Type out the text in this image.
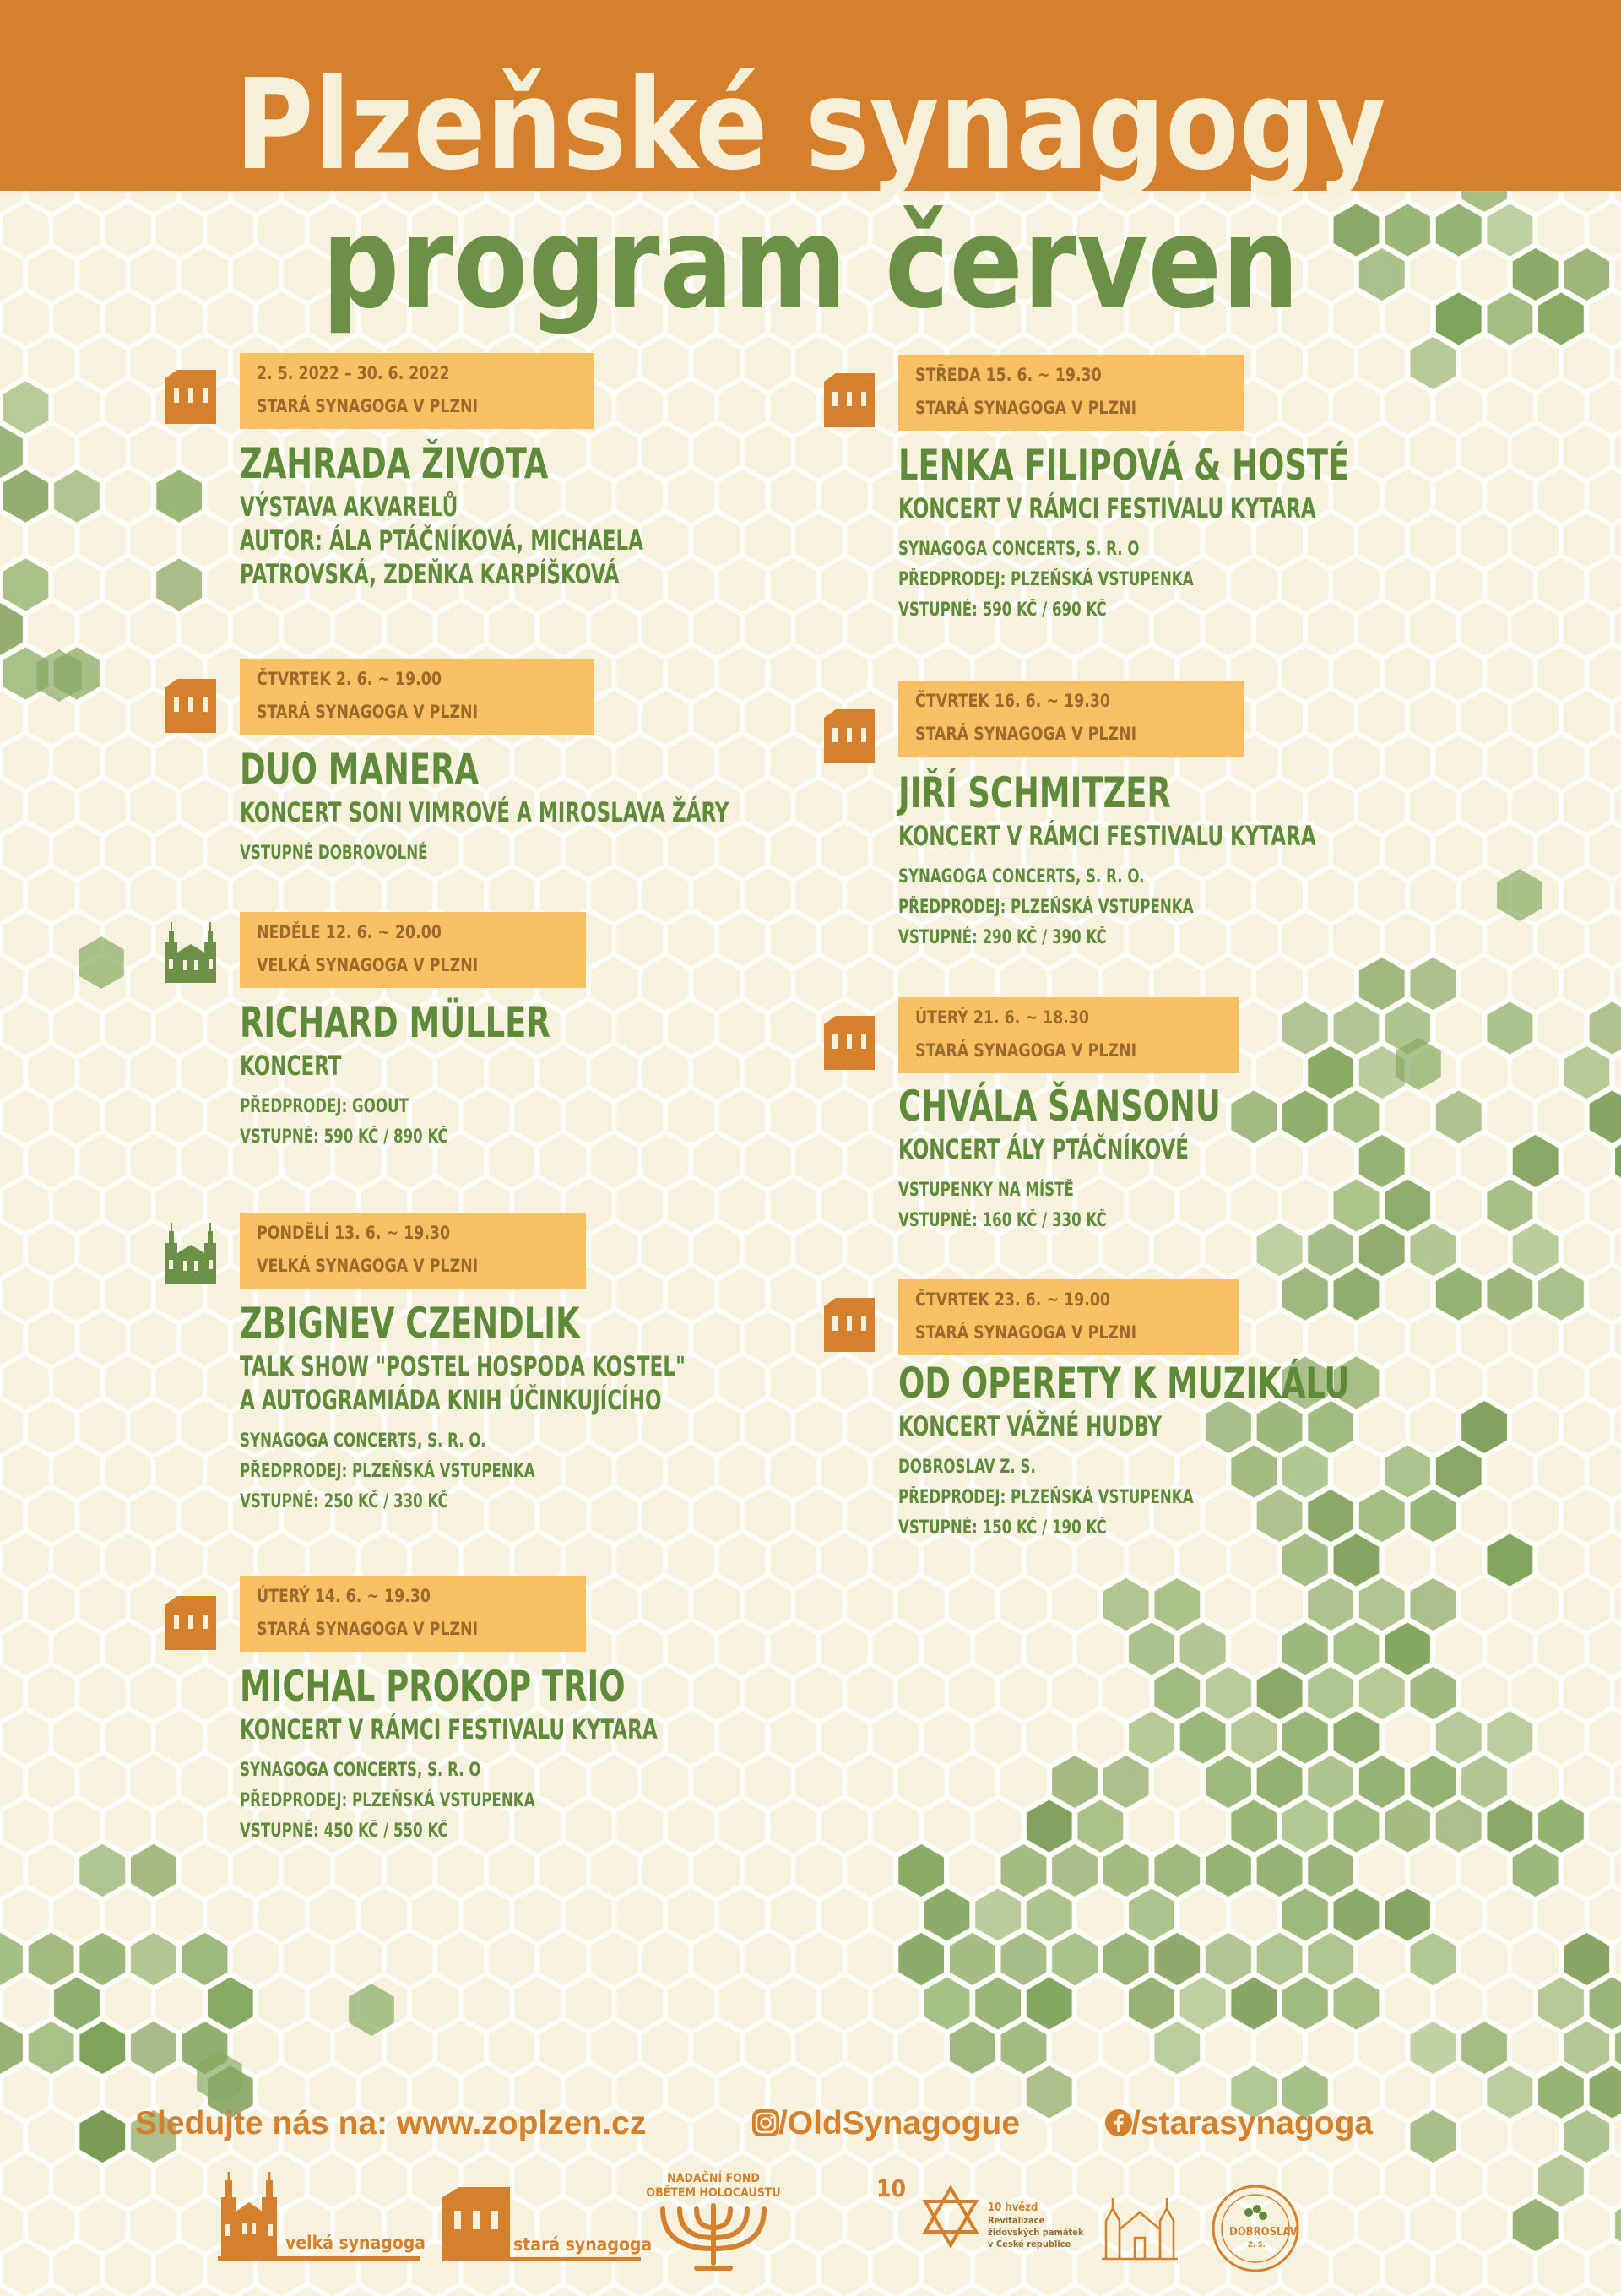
Plzeňské synagogy
program červen
2. 5. 2022 – 30. 6. 2022
STARÁ SYNAGOGA V PLZNI
ZAHRADA ŽIVOTA
VÝSTAVA AKVARELŮ
AUTOR: ÁLA PTÁČNÍKOVÁ, MICHAELA
PATROVSKÁ, ZDEŇKA KARPÍŠKOVÁ
ČTVRTEK 2. 6. ~ 19.00
STARÁ SYNAGOGA V PLZNI
DUO MANERA
KONCERT SONI VIMROVÉ A MIROSLAVA ŽÁRY
VSTUPNÉ DOBROVOLNÉ
NEDĚLE 12. 6. ~ 20.00
VELKÁ SYNAGOGA V PLZNI
RICHARD MÜLLER
KONCERT
PŘEDPRODEJ: GOOUT
VSTUPNÉ: 590 KČ / 890 KČ
PONDĚLÍ 13. 6. ~ 19.30
VELKÁ SYNAGOGA V PLZNI
ZBIGNEV CZENDLIK
TALK SHOW "POSTEL HOSPODA KOSTEL"
A AUTOGRAMIÁDA KNIH ÚČINKUJÍCÍHO
SYNAGOGA CONCERTS, S. R. O.
PŘEDPRODEJ: PLZEŇSKÁ VSTUPENKA
VSTUPNÉ: 250 KČ / 330 KČ
ÚTERÝ 14. 6. ~ 19.30
STARÁ SYNAGOGA V PLZNI
MICHAL PROKOP TRIO
KONCERT V RÁMCI FESTIVALU KYTARA
SYNAGOGA CONCERTS, S. R. O
PŘEDPRODEJ: PLZEŇSKÁ VSTUPENKA
VSTUPNÉ: 450 KČ / 550 KČ
STŘEDA 15. 6. ~ 19.30
STARÁ SYNAGOGA V PLZNI
LENKA FILIPOVÁ & HOSTÉ
KONCERT V RÁMCI FESTIVALU KYTARA
SYNAGOGA CONCERTS, S. R. O
PŘEDPRODEJ: PLZEŇSKÁ VSTUPENKA
VSTUPNÉ: 590 KČ / 690 KČ
ČTVRTEK 16. 6. ~ 19.30
STARÁ SYNAGOGA V PLZNI
JIŘÍ SCHMITZER
KONCERT V RÁMCI FESTIVALU KYTARA
SYNAGOGA CONCERTS, S. R. O.
PŘEDPRODEJ: PLZEŇSKÁ VSTUPENKA
VSTUPNÉ: 290 KČ / 390 KČ
ÚTERÝ 21. 6. ~ 18.30
STARÁ SYNAGOGA V PLZNI
CHVÁLA ŠANSONU
KONCERT ÁLY PTÁČNÍKOVÉ
VSTUPENKY NA MÍSTĚ
VSTUPNÉ: 160 KČ / 330 KČ
ČTVRTEK 23. 6. ~ 19.00
STARÁ SYNAGOGA V PLZNI
OD OPERETY K MUZIKÁLU
KONCERT VÁŽNÉ HUDBY
DOBROSLAV Z. S.
PŘEDPRODEJ: PLZEŇSKÁ VSTUPENKA
VSTUPNÉ: 150 KČ / 190 KČ
Sledujte nás na: www.zoplzen.cz	/OldSynagogue	/starasynagoga
velká synagoga	stará synagoga
NADAČNÍ FOND OBĚTEM HOLOCAUSTU	10
10 hvězd
Revitalizace
židovských památek
v České republice
DOBROSLAV
Z. S.
